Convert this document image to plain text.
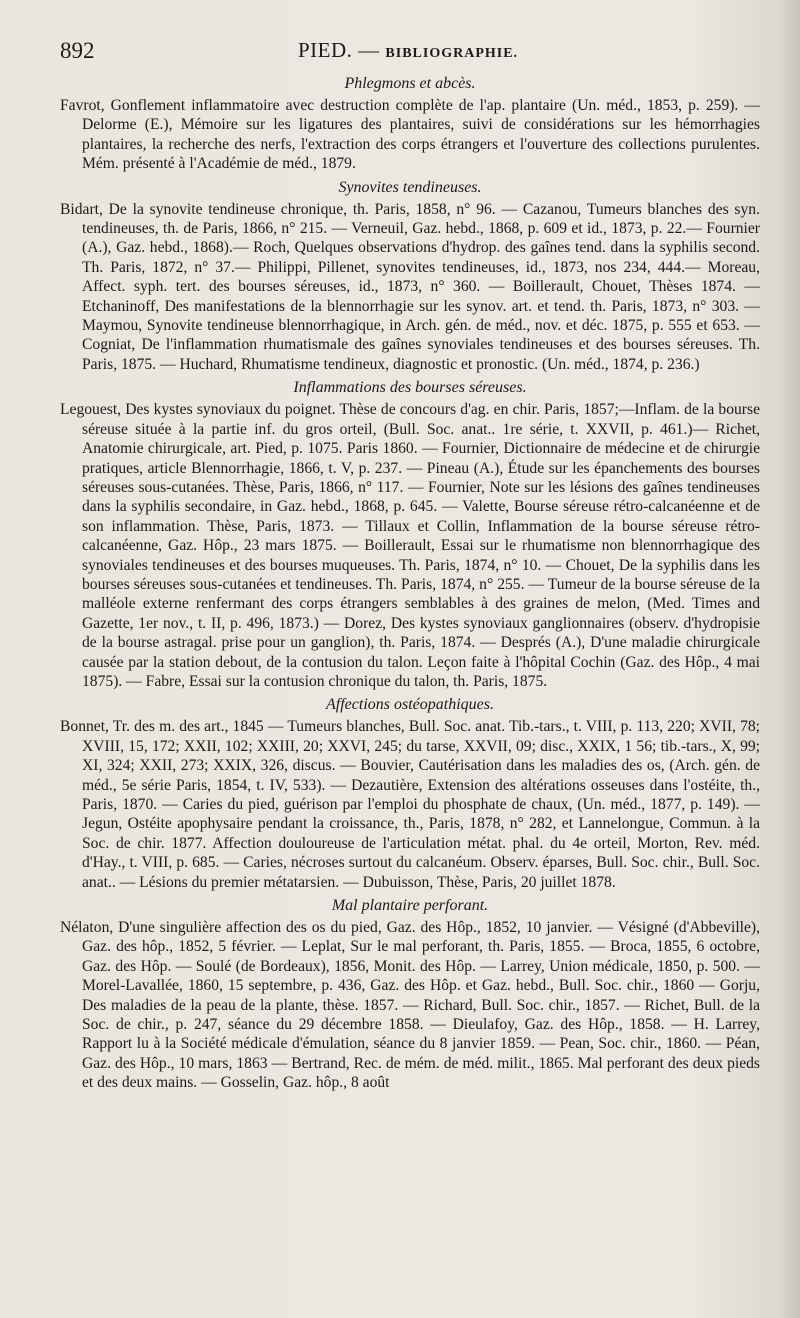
892	PIED. — BIBLIOGRAPHIE.
Phlegmons et abcès.

Favrot, Gonflement inflammatoire avec destruction complète de l'ap. plantaire (Un. méd., 1853, p. 259). — Delorme (E.), Mémoire sur les ligatures des plantaires, suivi de considérations sur les hémorrhagies plantaires, la recherche des nerfs, l'extraction des corps étrangers et l'ouverture des collections purulentes. Mém. présenté à l'Académie de méd., 1879.

Synovites tendineuses.

Bidart, De la synovite tendineuse chronique, th. Paris, 1858, n° 96. — Cazanou, Tumeurs blanches des syn. tendineuses, th. de Paris, 1866, n° 215. — Verneuil, Gaz. hebd., 1868, p. 609 et id., 1873, p. 22.— Fournier (A.), Gaz. hebd., 1868).— Roch, Quelques observations d'hydrop. des gaînes tend. dans la syphilis second. Th. Paris, 1872, n° 37.— Philippi, Pillenet, synovites tendineuses, id., 1873, nos 234, 444.— Moreau, Affect. syph. tert. des bourses séreuses, id., 1873, n° 360. — Boillerault, Chouet, Thèses 1874. — Etchaninoff, Des manifestations de la blennorrhagie sur les synov. art. et tend. th. Paris, 1873, n° 303. — Maymou, Synovite tendineuse blennorrhagique, in Arch. gén. de méd., nov. et déc. 1875, p. 555 et 653. — Cogniat, De l'inflammation rhumatismale des gaînes synoviales tendineuses et des bourses séreuses. Th. Paris, 1875. — Huchard, Rhumatisme tendineux, diagnostic et pronostic. (Un. méd., 1874, p. 236.)

Inflammations des bourses séreuses.

Legouest, Des kystes synoviaux du poignet. Thèse de concours d'ag. en chir. Paris, 1857;—Inflam. de la bourse séreuse située à la partie inf. du gros orteil, (Bull. Soc. anat.. 1re série, t. XXVII, p. 461.)— Richet, Anatomie chirurgicale, art. Pied, p. 1075. Paris 1860. — Fournier, Dictionnaire de médecine et de chirurgie pratiques, article Blennorrhagie, 1866, t. V, p. 237. — Pineau (A.), Étude sur les épanchements des bourses séreuses sous-cutanées. Thèse, Paris, 1866, n° 117. — Fournier, Note sur les lésions des gaînes tendineuses dans la syphilis secondaire, in Gaz. hebd., 1868, p. 645. — Valette, Bourse séreuse rétro-calcanéenne et de son inflammation. Thèse, Paris, 1873. — Tillaux et Collin, Inflammation de la bourse séreuse rétro-calcanéenne, Gaz. Hôp., 23 mars 1875. — Boillerault, Essai sur le rhumatisme non blennorrhagique des synoviales tendineuses et des bourses muqueuses. Th. Paris, 1874, n° 10. — Chouet, De la syphilis dans les bourses séreuses sous-cutanées et tendineuses. Th. Paris, 1874, n° 255. — Tumeur de la bourse séreuse de la malléole externe renfermant des corps étrangers semblables à des graines de melon, (Med. Times and Gazette, 1er nov., t. II, p. 496, 1873.) — Dorez, Des kystes synoviaux ganglionnaires (observ. d'hydropisie de la bourse astragal. prise pour un ganglion), th. Paris, 1874. — Després (A.), D'une maladie chirurgicale causée par la station debout, de la contusion du talon. Leçon faite à l'hôpital Cochin (Gaz. des Hôp., 4 mai 1875). — Fabre, Essai sur la contusion chronique du talon, th. Paris, 1875.

Affections ostéopathiques.

Bonnet, Tr. des m. des art., 1845 — Tumeurs blanches, Bull. Soc. anat. Tib.-tars., t. VIII, p. 113, 220; XVII, 78; XVIII, 15, 172; XXII, 102; XXIII, 20; XXVI, 245; du tarse, XXVII, 09; disc., XXIX, 1 56; tib.-tars., X, 99; XI, 324; XXII, 273; XXIX, 326, discus. — Bouvier, Cautérisation dans les maladies des os, (Arch. gén. de méd., 5e série Paris, 1854, t. IV, 533). — Dezautière, Extension des altérations osseuses dans l'ostéite, th., Paris, 1870. — Caries du pied, guérison par l'emploi du phosphate de chaux, (Un. méd., 1877, p. 149). — Jegun, Ostéite apophysaire pendant la croissance, th., Paris, 1878, n° 282, et Lannelongue, Commun. à la Soc. de chir. 1877. Affection douloureuse de l'articulation métat. phal. du 4e orteil, Morton, Rev. méd. d'Hay., t. VIII, p. 685. — Caries, nécroses surtout du calcanéum. Observ. éparses, Bull. Soc. chir., Bull. Soc. anat.. — Lésions du premier métatarsien. — Dubuisson, Thèse, Paris, 20 juillet 1878.

Mal plantaire perforant.

Nélaton, D'une singulière affection des os du pied, Gaz. des Hôp., 1852, 10 janvier. — Vésigné (d'Abbeville), Gaz. des hôp., 1852, 5 février. — Leplat, Sur le mal perforant, th. Paris, 1855. — Broca, 1855, 6 octobre, Gaz. des Hôp. — Soulé (de Bordeaux), 1856, Monit. des Hôp. — Larrey, Union médicale, 1850, p. 500. — Morel-Lavallée, 1860, 15 septembre, p. 436, Gaz. des Hôp. et Gaz. hebd., Bull. Soc. chir., 1860 — Gorju, Des maladies de la peau de la plante, thèse. 1857. — Richard, Bull. Soc. chir., 1857. — Richet, Bull. de la Soc. de chir., p. 247, séance du 29 décembre 1858. — Dieulafoy, Gaz. des Hôp., 1858. — H. Larrey, Rapport lu à la Société médicale d'émulation, séance du 8 janvier 1859. — Pean, Soc. chir., 1860. — Péan, Gaz. des Hôp., 10 mars, 1863 — Bertrand, Rec. de mém. de méd. milit., 1865. Mal perforant des deux pieds et des deux mains. — Gosselin, Gaz. hôp., 8 août
